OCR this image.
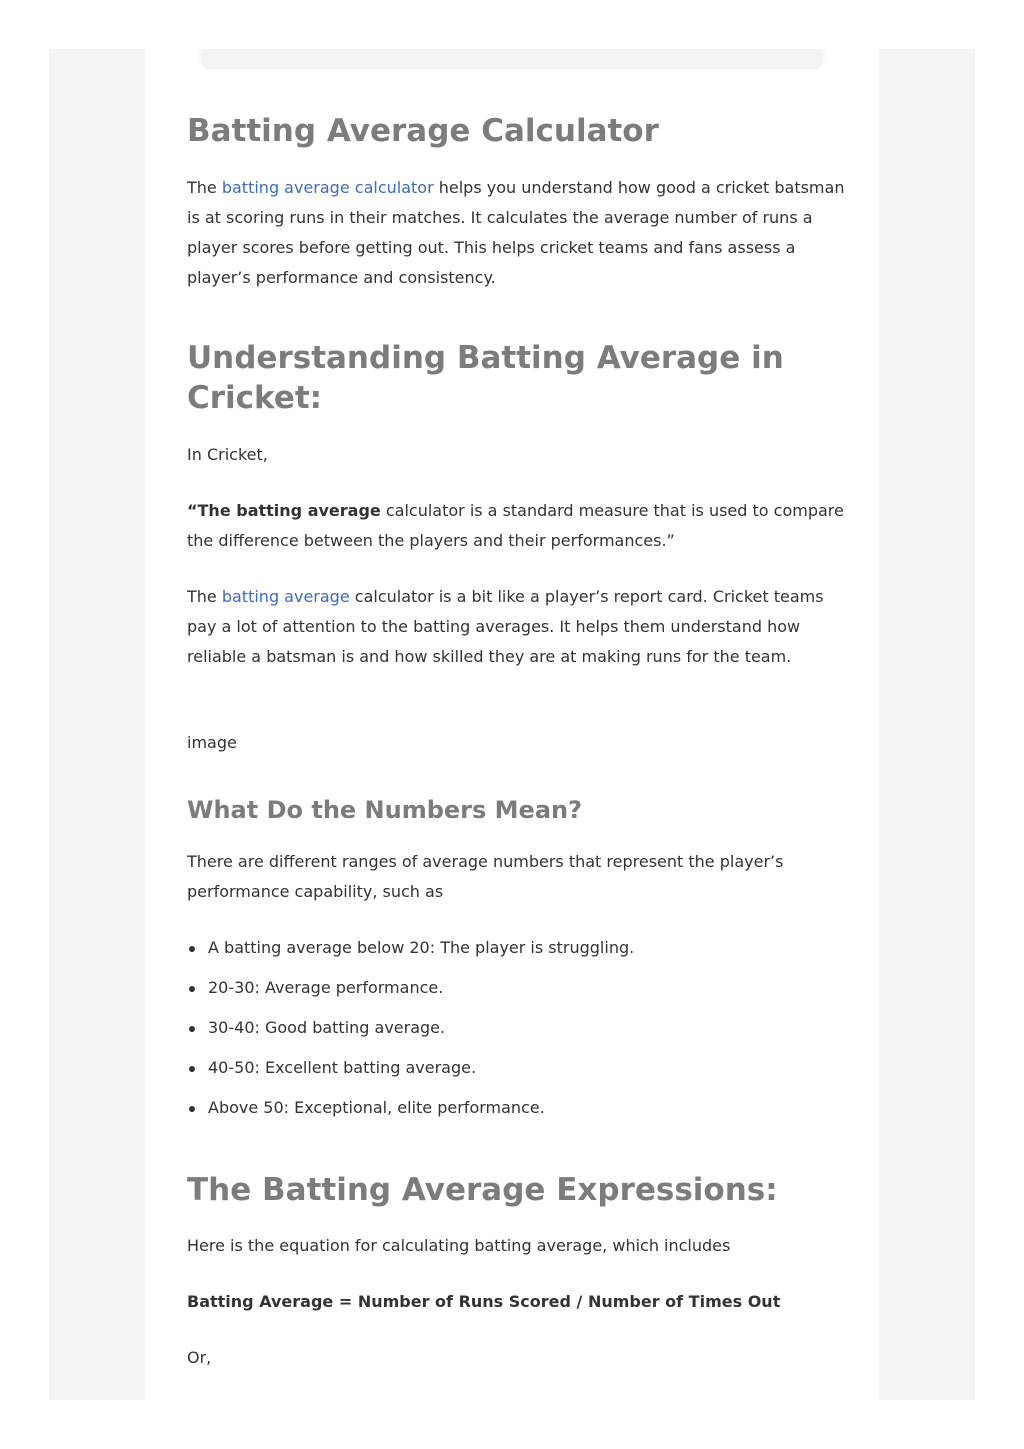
Batting Average Calculator

The batting average calculator helps you understand how good a cricket batsman is at scoring runs in their matches. It calculates the average number of runs a player scores before getting out. This helps cricket teams and fans assess a player’s performance and consistency.

Understanding Batting Average in Cricket:

In Cricket,

“The batting average calculator is a standard measure that is used to compare the difference between the players and their performances.”

The batting average calculator is a bit like a player’s report card. Cricket teams pay a lot of attention to the batting averages. It helps them understand how reliable a batsman is and how skilled they are at making runs for the team.

image

What Do the Numbers Mean?

There are different ranges of average numbers that represent the player’s performance capability, such as

A batting average below 20: The player is struggling.
20-30: Average performance.
30-40: Good batting average.
40-50: Excellent batting average.
Above 50: Exceptional, elite performance.
The Batting Average Expressions:

Here is the equation for calculating batting average, which includes

Batting Average = Number of Runs Scored / Number of Times Out

Or,
